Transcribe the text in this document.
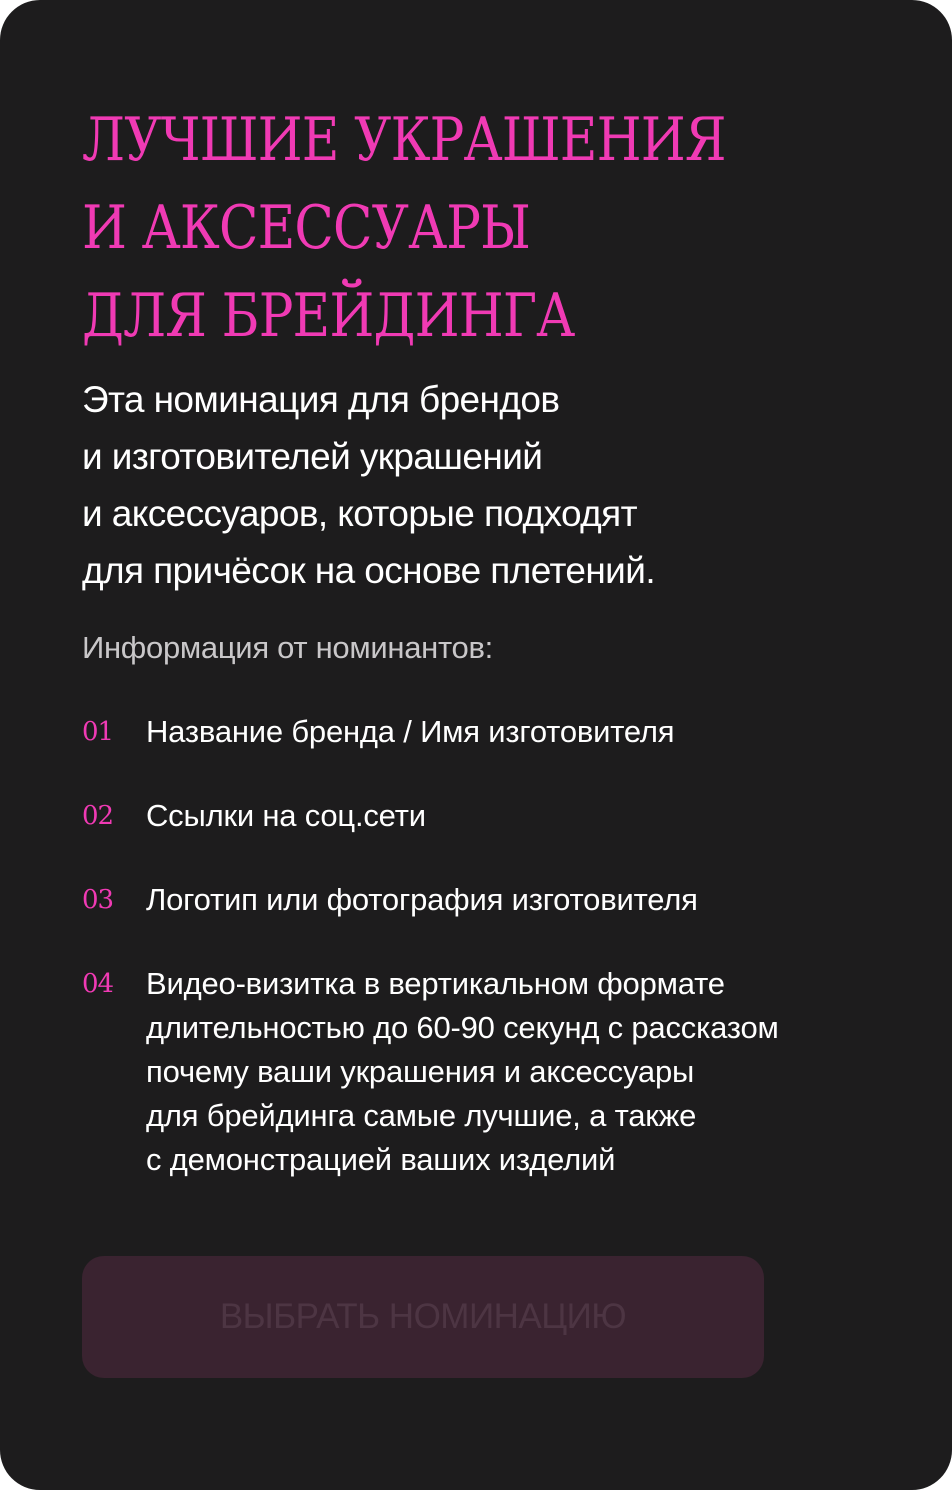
ЛУЧШИЕ УКРАШЕНИЯ
И АКСЕССУАРЫ
ДЛЯ БРЕЙДИНГА

Эта номинация для брендов
и изготовителей украшений
и аксессуаров, которые подходят
для причёсок на основе плетений.

Информация от номинантов:

01	Название бренда / Имя изготовителя
02	Ссылки на соц.сети
03	Логотип или фотография изготовителя
04	Видео-визитка в вертикальном формате
длительностью до 60-90 секунд с рассказом
почему ваши украшения и аксессуары
для брейдинга самые лучшие, а также
с демонстрацией ваших изделий
ВЫБРАТЬ НОМИНАЦИЮ
